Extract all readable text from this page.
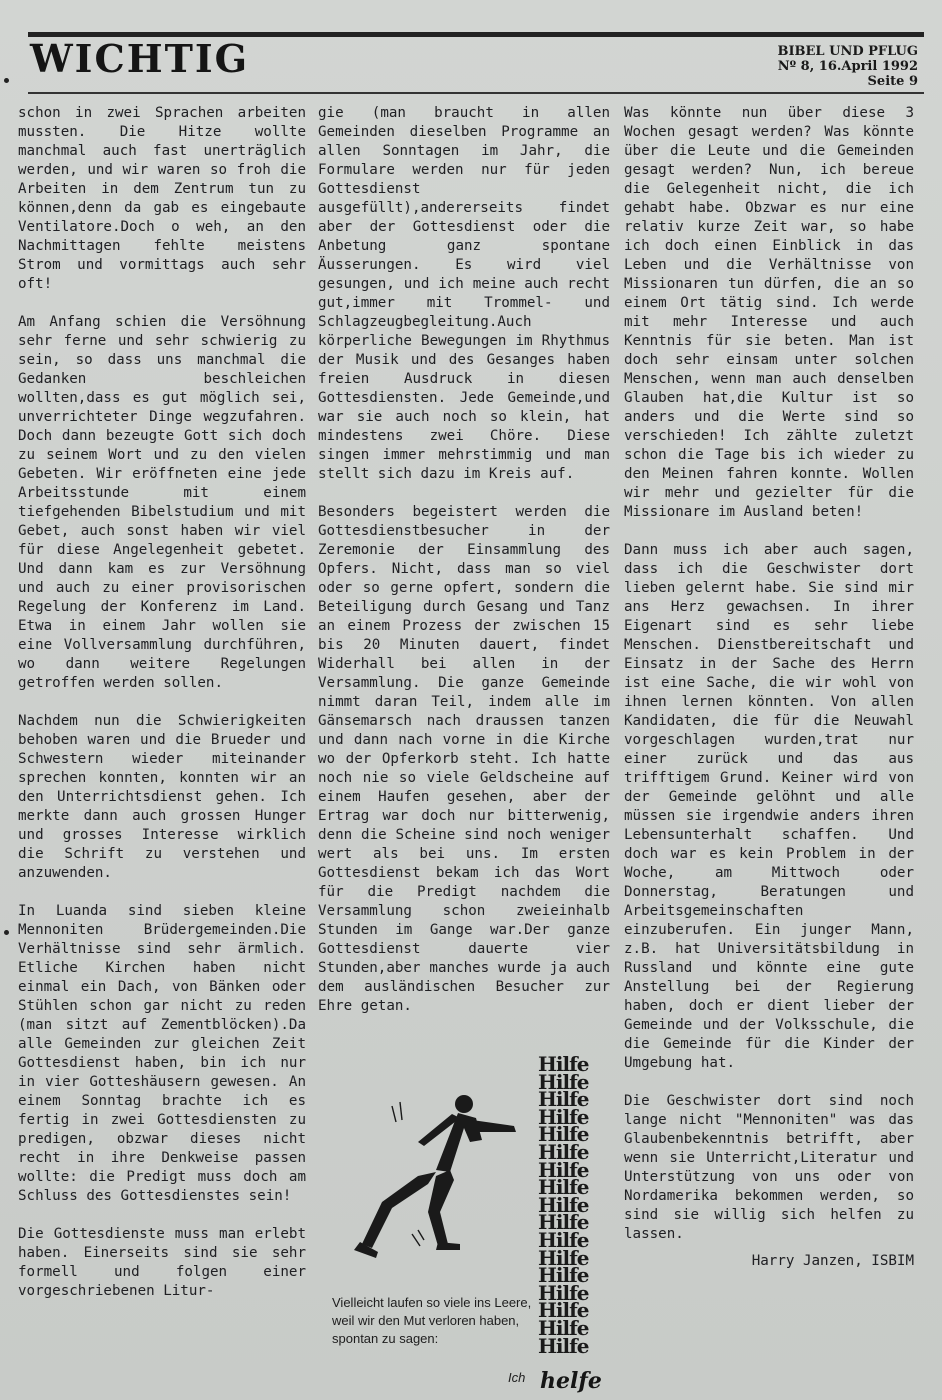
WICHTIG	BIBEL UND PFLUG
Nº 8, 16.April 1992
Seite 9

schon in zwei Sprachen arbeiten mussten. Die Hitze wollte manchmal auch fast unerträglich werden, und wir waren so froh die Arbeiten in dem Zentrum tun zu können,denn da gab es eingebaute Ventilatore.Doch o weh, an den Nachmittagen fehlte meistens Strom und vormittags auch sehr oft!

Am Anfang schien die Versöhnung sehr ferne und sehr schwierig zu sein, so dass uns manchmal die Gedanken beschleichen wollten,dass es gut möglich sei, unverrichteter Dinge wegzufahren. Doch dann bezeugte Gott sich doch zu seinem Wort und zu den vielen Gebeten. Wir eröffneten eine jede Arbeitsstunde mit einem tiefgehenden Bibelstudium und mit Gebet, auch sonst haben wir viel für diese Angelegenheit gebetet. Und dann kam es zur Versöhnung und auch zu einer provisorischen Regelung der Konferenz im Land. Etwa in einem Jahr wollen sie eine Vollversammlung durchführen, wo dann weitere Regelungen getroffen werden sollen.

Nachdem nun die Schwierigkeiten behoben waren und die Brueder und Schwestern wieder miteinander sprechen konnten, konnten wir an den Unterrichtsdienst gehen. Ich merkte dann auch grossen Hunger und grosses Interesse wirklich die Schrift zu verstehen und anzuwenden.

In Luanda sind sieben kleine Mennoniten Brüdergemeinden.Die Verhältnisse sind sehr ärmlich. Etliche Kirchen haben nicht einmal ein Dach, von Bänken oder Stühlen schon gar nicht zu reden (man sitzt auf Zementblöcken).Da alle Gemeinden zur gleichen Zeit Gottesdienst haben, bin ich nur in vier Gotteshäusern gewesen. An einem Sonntag brachte ich es fertig in zwei Gottesdiensten zu predigen, obzwar dieses nicht recht in ihre Denkweise passen wollte: die Predigt muss doch am Schluss des Gottesdienstes sein!

Die Gottesdienste muss man erlebt haben. Einerseits sind sie sehr formell und folgen einer vorgeschriebenen Litur-

gie (man braucht in allen Gemeinden dieselben Programme an allen Sonntagen im Jahr, die Formulare werden nur für jeden Gottesdienst ausgefüllt),andererseits findet aber der Gottesdienst oder die Anbetung ganz spontane Äusserungen. Es wird viel gesungen, und ich meine auch recht gut,immer mit Trommel- und Schlagzeugbegleitung.Auch körperliche Bewegungen im Rhythmus der Musik und des Gesanges haben freien Ausdruck in diesen Gottesdiensten. Jede Gemeinde,und war sie auch noch so klein, hat mindestens zwei Chöre. Diese singen immer mehrstimmig und man stellt sich dazu im Kreis auf.

Besonders begeistert werden die Gottesdienstbesucher in der Zeremonie der Einsammlung des Opfers. Nicht, dass man so viel oder so gerne opfert, sondern die Beteiligung durch Gesang und Tanz an einem Prozess der zwischen 15 bis 20 Minuten dauert, findet Widerhall bei allen in der Versammlung. Die ganze Gemeinde nimmt daran Teil, indem alle im Gänsemarsch nach draussen tanzen und dann nach vorne in die Kirche wo der Opferkorb steht. Ich hatte noch nie so viele Geldscheine auf einem Haufen gesehen, aber der Ertrag war doch nur bitterwenig, denn die Scheine sind noch weniger wert als bei uns. Im ersten Gottesdienst bekam ich das Wort für die Predigt nachdem die Versammlung schon zweieinhalb Stunden im Gange war.Der ganze Gottesdienst dauerte vier Stunden,aber manches wurde ja auch dem ausländischen Besucher zur Ehre getan.

Was könnte nun über diese 3 Wochen gesagt werden? Was könnte über die Leute und die Gemeinden gesagt werden? Nun, ich bereue die Gelegenheit nicht, die ich gehabt habe. Obzwar es nur eine relativ kurze Zeit war, so habe ich doch einen Einblick in das Leben und die Verhältnisse von Missionaren tun dürfen, die an so einem Ort tätig sind. Ich werde mit mehr Interesse und auch Kenntnis für sie beten. Man ist doch sehr einsam unter solchen Menschen, wenn man auch denselben Glauben hat,die Kultur ist so anders und die Werte sind so verschieden! Ich zählte zuletzt schon die Tage bis ich wieder zu den Meinen fahren konnte. Wollen wir mehr und gezielter für die Missionare im Ausland beten!

Dann muss ich aber auch sagen, dass ich die Geschwister dort lieben gelernt habe. Sie sind mir ans Herz gewachsen. In ihrer Eigenart sind es sehr liebe Menschen. Dienstbereitschaft und Einsatz in der Sache des Herrn ist eine Sache, die wir wohl von ihnen lernen könnten. Von allen Kandidaten, die für die Neuwahl vorgeschlagen wurden,trat nur einer zurück und das aus trifftigem Grund. Keiner wird von der Gemeinde gelöhnt und alle müssen sie irgendwie anders ihren Lebensunterhalt schaffen. Und doch war es kein Problem in der Woche, am Mittwoch oder Donnerstag, Beratungen und Arbeitsgemeinschaften einzuberufen. Ein junger Mann, z.B. hat Universitätsbildung in Russland und könnte eine gute Anstellung bei der Regierung haben, doch er dient lieber der Gemeinde und der Volksschule, die die Gemeinde für die Kinder der Umgebung hat.

Die Geschwister dort sind noch lange nicht "Mennoniten" was das Glaubenbekenntnis betrifft, aber wenn sie Unterricht,Literatur und Unterstützung von uns oder von Nordamerika bekommen werden, so sind sie willig sich helfen zu lassen.

Harry Janzen, ISBIM
Hilfe
Hilfe
Hilfe
Hilfe
Hilfe
Hilfe
Hilfe
Hilfe
Hilfe
Hilfe
Hilfe
Hilfe
Hilfe
Hilfe
Hilfe
Hilfe
Hilfe
Vielleicht laufen so viele ins Leere, weil wir den Mut verloren haben, spontan zu sagen:
Ich helfe
